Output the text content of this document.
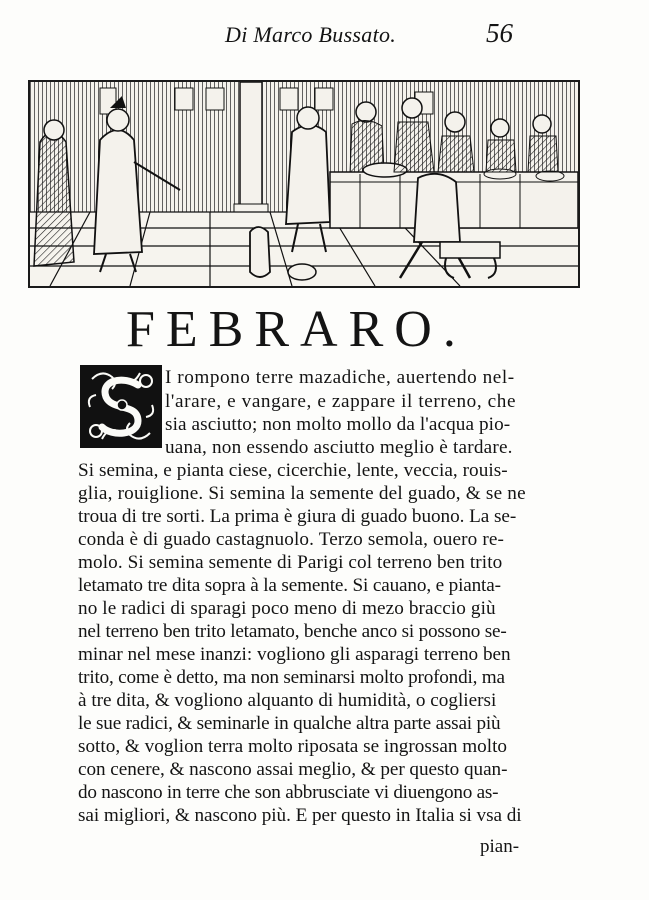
Di Marco Bussato.	56
FEBRARO.
I rompono terre mazadiche, auertendo nel-
l'arare, e vangare, e zappare il terreno, che
sia asciutto; non molto mollo da l'acqua pio-
uana, non essendo asciutto meglio è tardare.
Si semina, e pianta ciese, cicerchie, lente, veccia, rouis-
glia, rouiglione. Si semina la semente del guado, & se ne
troua di tre sorti. La prima è giura di guado buono. La se-
conda è di guado castagnuolo. Terzo semola, ouero re-
molo. Si semina semente di Parigi col terreno ben trito
letamato tre dita sopra à la semente. Si cauano, e pianta-
no le radici di sparagi poco meno di mezo braccio giù
nel terreno ben trito letamato, benche anco si possono se-
minar nel mese inanzi: vogliono gli asparagi terreno ben
trito, come è detto, ma non seminarsi molto profondi, ma
à tre dita, & vogliono alquanto di humidità, o cogliersi
le sue radici, & seminarle in qualche altra parte assai più
sotto, & voglion terra molto riposata se ingrossan molto
con cenere, & nascono assai meglio, & per questo quan-
do nascono in terre che son abbrusciate vi diuengono as-
sai migliori, & nascono più. E per questo in Italia si vsa di
pian-
